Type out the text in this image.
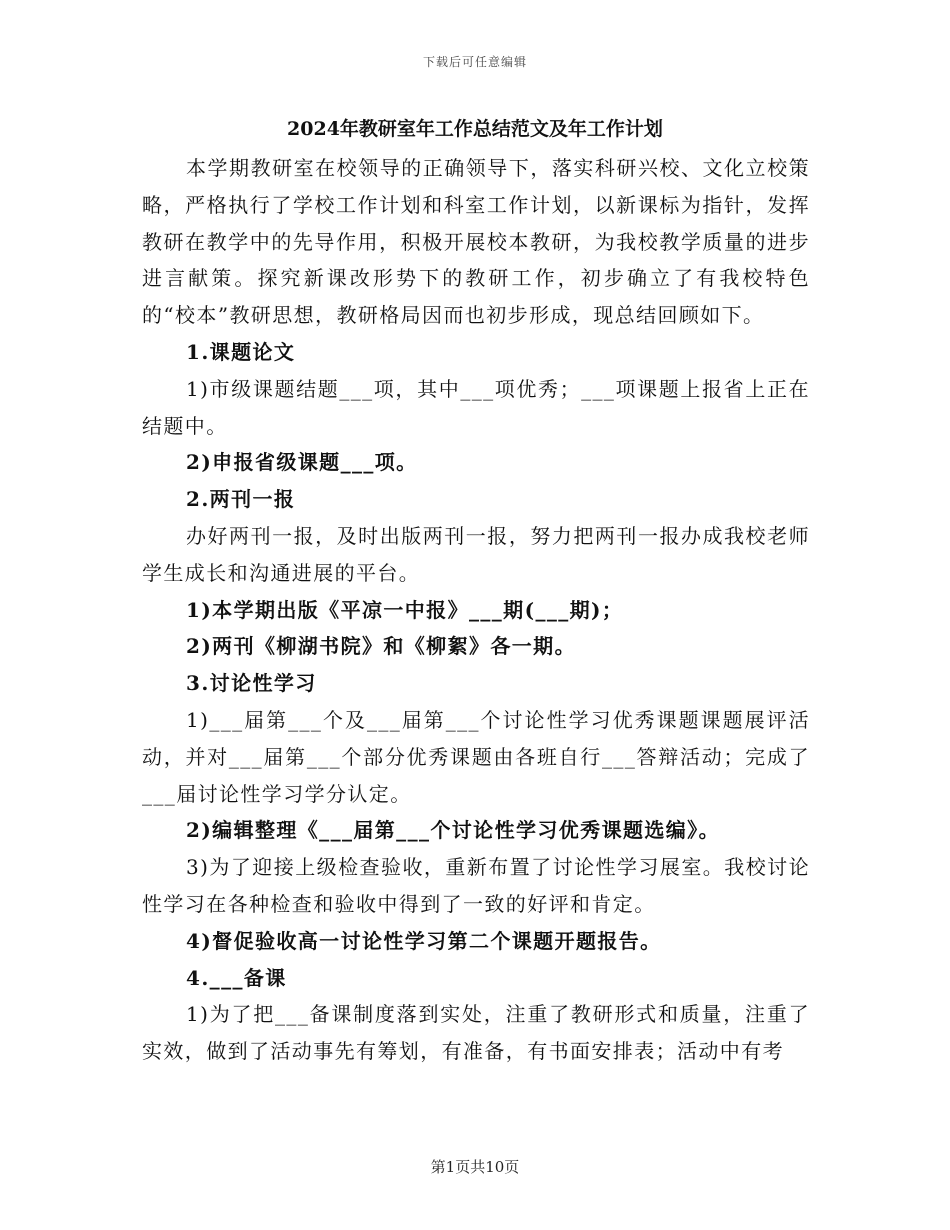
下载后可任意编辑
2024年教研室年工作总结范文及年工作计划

本学期教研室在校领导的正确领导下，落实科研兴校、文化立校策略，严格执行了学校工作计划和科室工作计划，以新课标为指针，发挥教研在教学中的先导作用，积极开展校本教研，为我校教学质量的进步进言献策。探究新课改形势下的教研工作，初步确立了有我校特色的“校本”教研思想，教研格局因而也初步形成，现总结回顾如下。

1.课题论文

1)市级课题结题___项，其中___项优秀；___项课题上报省上正在结题中。

2)申报省级课题___项。

2.两刊一报

办好两刊一报，及时出版两刊一报，努力把两刊一报办成我校老师学生成长和沟通进展的平台。

1)本学期出版《平凉一中报》___期(___期)；

2)两刊《柳湖书院》和《柳絮》各一期。

3.讨论性学习

1)___届第___个及___届第___个讨论性学习优秀课题课题展评活动，并对___届第___个部分优秀课题由各班自行___答辩活动；完成了___届讨论性学习学分认定。

2)编辑整理《___届第___个讨论性学习优秀课题选编》。

3)为了迎接上级检查验收，重新布置了讨论性学习展室。我校讨论性学习在各种检查和验收中得到了一致的好评和肯定。

4)督促验收高一讨论性学习第二个课题开题报告。

4.___备课

1)为了把___备课制度落到实处，注重了教研形式和质量，注重了实效，做到了活动事先有筹划，有准备，有书面安排表；活动中有考

第1页共10页
